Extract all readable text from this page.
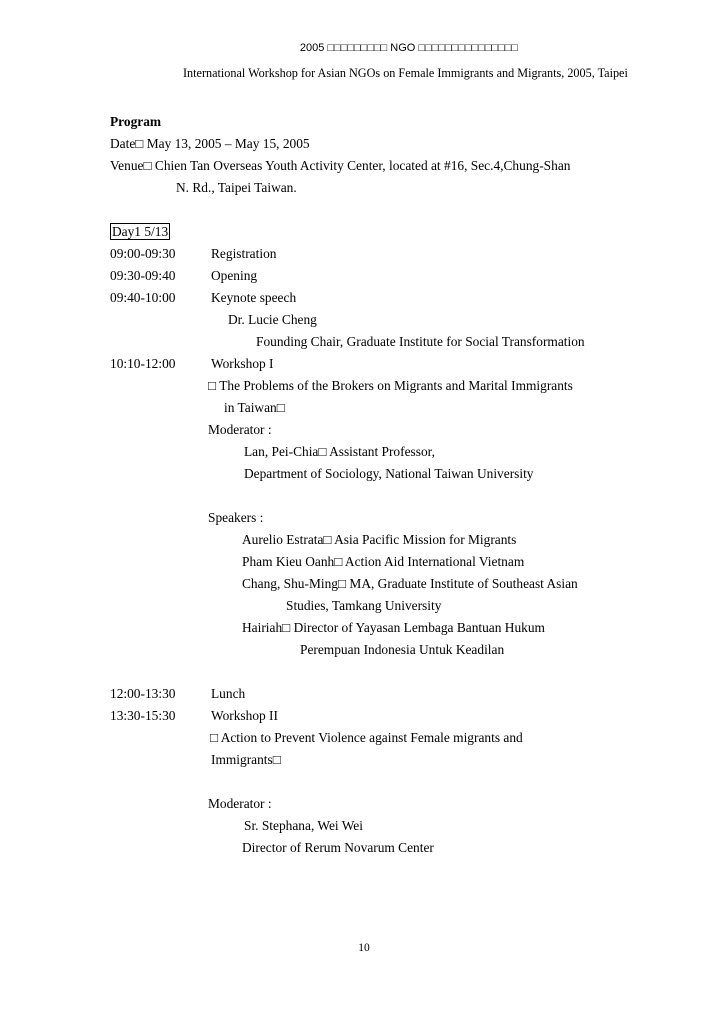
2005 □□□□□□□□□ NGO □□□□□□□□□□□□□□□
International Workshop for Asian NGOs on Female Immigrants and Migrants, 2005, Taipei
Program
Date□ May 13, 2005 – May 15, 2005
Venue□ Chien Tan Overseas Youth Activity Center, located at #16, Sec.4,Chung-Shan
N. Rd., Taipei Taiwan.
Day1 5/13
09:00-09:30	Registration
09:30-09:40	Opening
09:40-10:00	Keynote speech
Dr. Lucie Cheng
Founding Chair, Graduate Institute for Social Transformation
10:10-12:00	Workshop I
□ The Problems of the Brokers on Migrants and Marital Immigrants
in Taiwan□
Moderator :
Lan, Pei-Chia□ Assistant Professor,
Department of Sociology, National Taiwan University
Speakers :
Aurelio Estrata□ Asia Pacific Mission for Migrants
Pham Kieu Oanh□ Action Aid International Vietnam
Chang, Shu-Ming□ MA, Graduate Institute of Southeast Asian
Studies, Tamkang University
Hairiah□ Director of Yayasan Lembaga Bantuan Hukum
Perempuan Indonesia Untuk Keadilan
12:00-13:30	Lunch
13:30-15:30	Workshop II
□ Action to Prevent Violence against Female migrants and
Immigrants□
Moderator :
Sr. Stephana, Wei Wei
Director of Rerum Novarum Center
10
